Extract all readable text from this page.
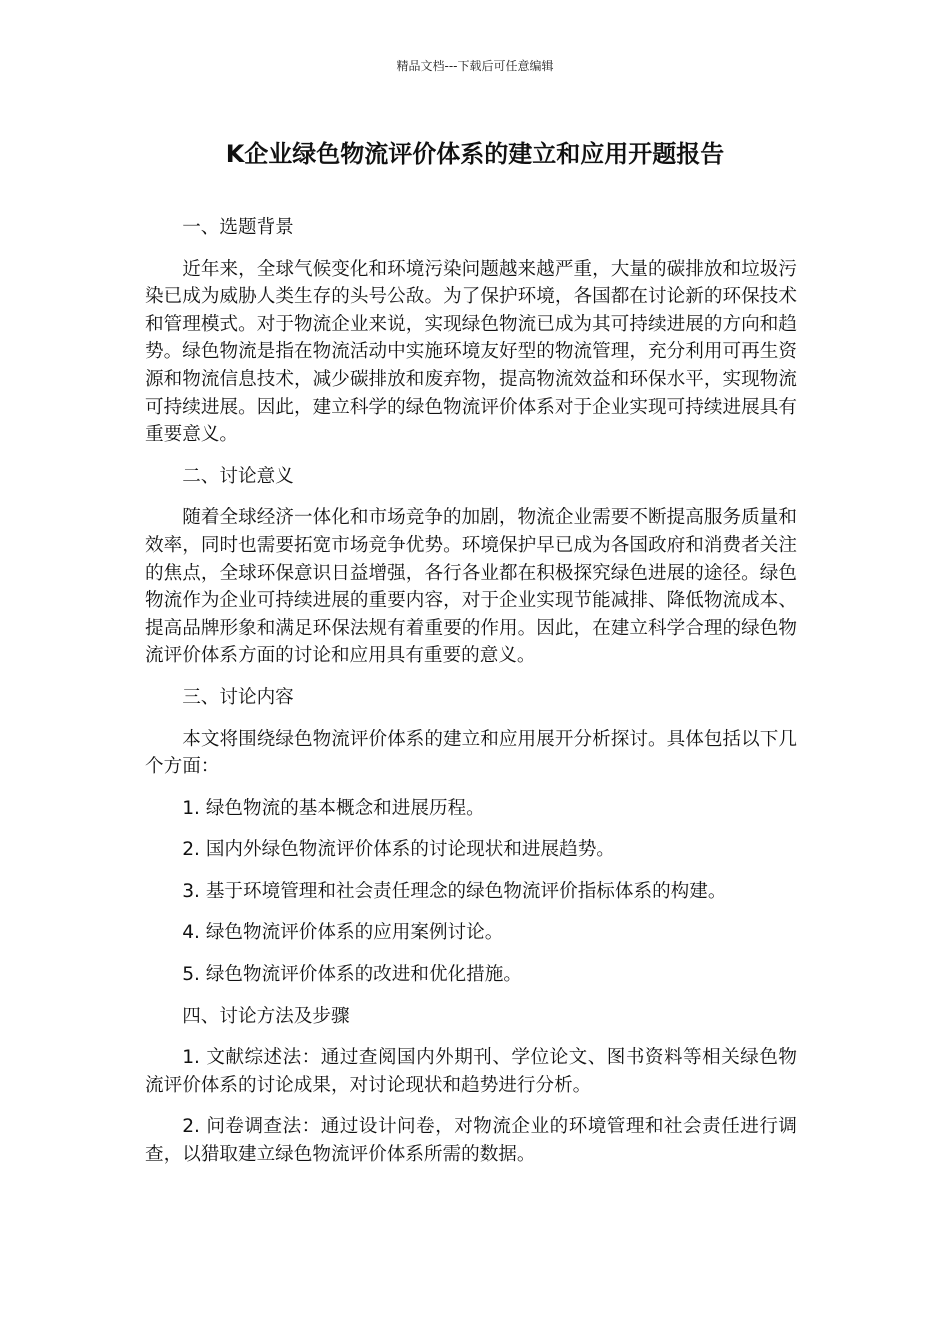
精品文档---下载后可任意编辑
K企业绿色物流评价体系的建立和应用开题报告

一、选题背景

近年来，全球气候变化和环境污染问题越来越严重，大量的碳排放和垃圾污染已成为威胁人类生存的头号公敌。为了保护环境，各国都在讨论新的环保技术和管理模式。对于物流企业来说，实现绿色物流已成为其可持续进展的方向和趋势。绿色物流是指在物流活动中实施环境友好型的物流管理，充分利用可再生资源和物流信息技术，减少碳排放和废弃物，提高物流效益和环保水平，实现物流可持续进展。因此，建立科学的绿色物流评价体系对于企业实现可持续进展具有重要意义。

二、讨论意义

随着全球经济一体化和市场竞争的加剧，物流企业需要不断提高服务质量和效率，同时也需要拓宽市场竞争优势。环境保护早已成为各国政府和消费者关注的焦点，全球环保意识日益增强，各行各业都在积极探究绿色进展的途径。绿色物流作为企业可持续进展的重要内容，对于企业实现节能减排、降低物流成本、提高品牌形象和满足环保法规有着重要的作用。因此，在建立科学合理的绿色物流评价体系方面的讨论和应用具有重要的意义。

三、讨论内容

本文将围绕绿色物流评价体系的建立和应用展开分析探讨。具体包括以下几个方面：

1. 绿色物流的基本概念和进展历程。

2. 国内外绿色物流评价体系的讨论现状和进展趋势。

3. 基于环境管理和社会责任理念的绿色物流评价指标体系的构建。

4. 绿色物流评价体系的应用案例讨论。

5. 绿色物流评价体系的改进和优化措施。

四、讨论方法及步骤

1. 文献综述法：通过查阅国内外期刊、学位论文、图书资料等相关绿色物流评价体系的讨论成果，对讨论现状和趋势进行分析。

2. 问卷调查法：通过设计问卷，对物流企业的环境管理和社会责任进行调查，以猎取建立绿色物流评价体系所需的数据。
